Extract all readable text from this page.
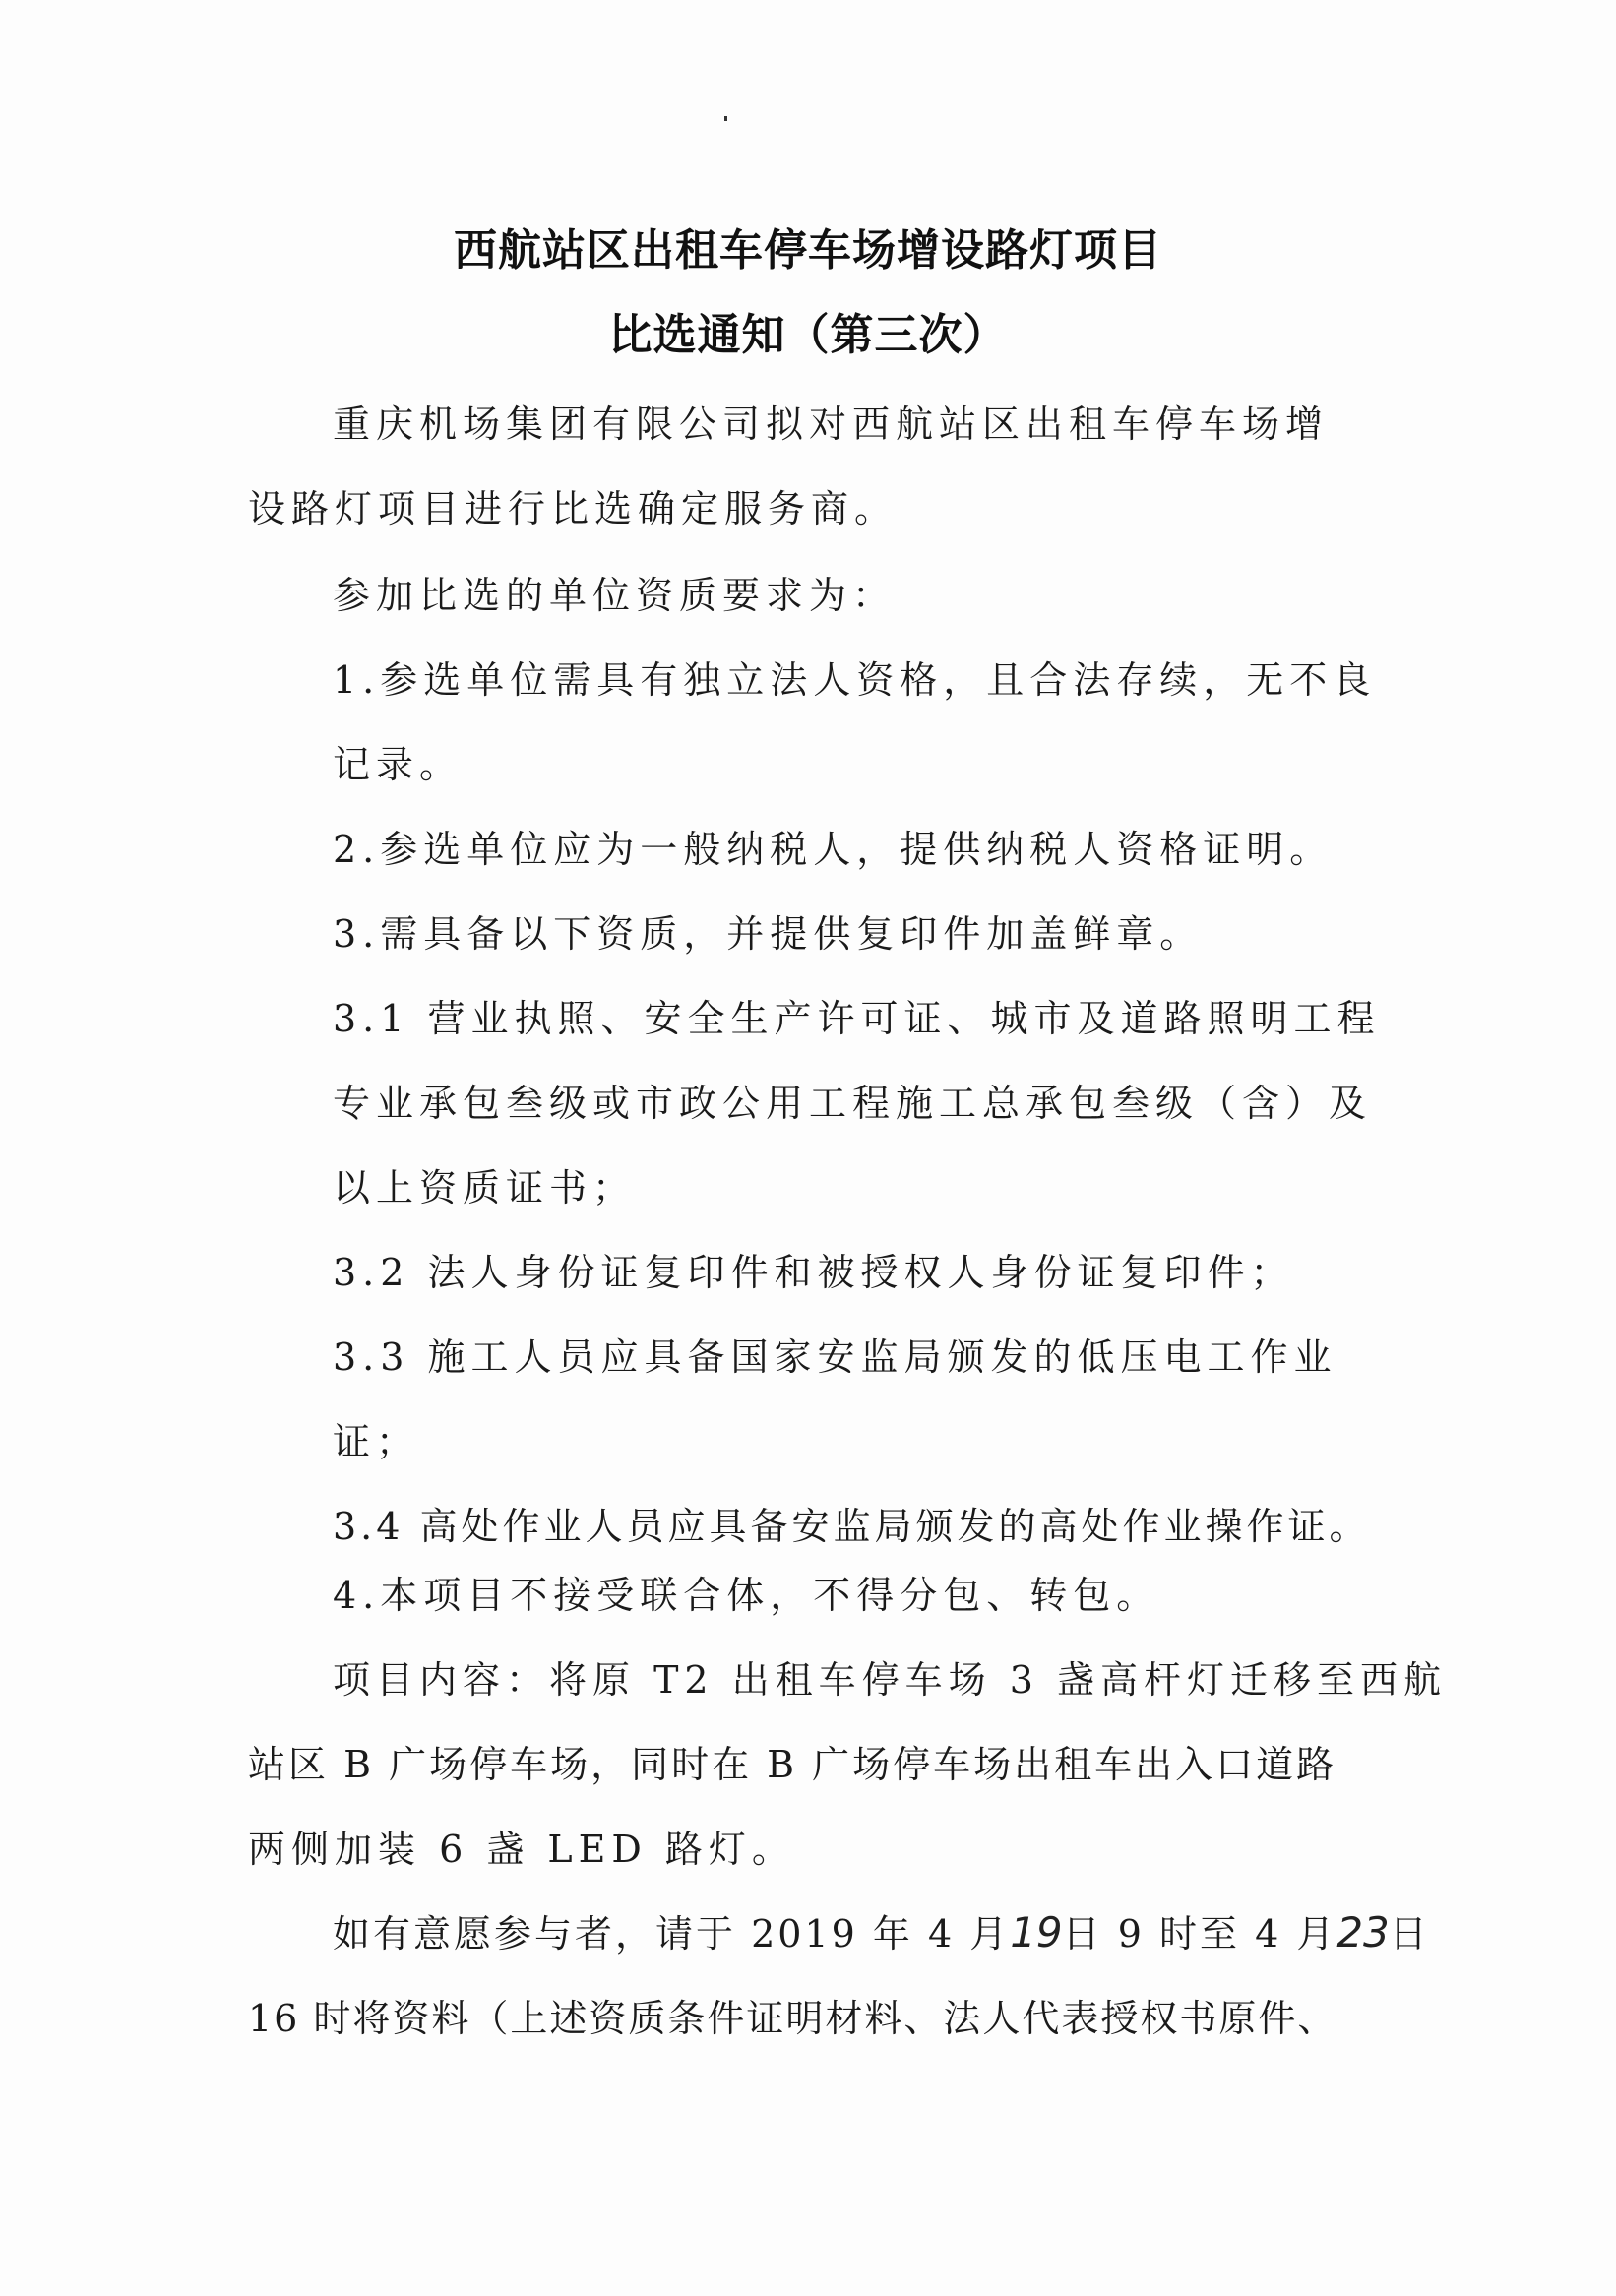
西航站区出租车停车场增设路灯项目
比选通知（第三次）
重庆机场集团有限公司拟对西航站区出租车停车场增
设路灯项目进行比选确定服务商。
参加比选的单位资质要求为：
1.参选单位需具有独立法人资格，且合法存续，无不良
记录。
2.参选单位应为一般纳税人，提供纳税人资格证明。
3.需具备以下资质，并提供复印件加盖鲜章。
3.1 营业执照、安全生产许可证、城市及道路照明工程
专业承包叁级或市政公用工程施工总承包叁级（含）及
以上资质证书；
3.2 法人身份证复印件和被授权人身份证复印件；
3.3 施工人员应具备国家安监局颁发的低压电工作业
证；
3.4 高处作业人员应具备安监局颁发的高处作业操作证。
4.本项目不接受联合体，不得分包、转包。
项目内容：将原 T2 出租车停车场 3 盏高杆灯迁移至西航
站区 B 广场停车场，同时在 B 广场停车场出租车出入口道路
两侧加装 6 盏 LED 路灯。
如有意愿参与者，请于 2019 年 4 月19日 9 时至 4 月23日
16 时将资料（上述资质条件证明材料、法人代表授权书原件、
